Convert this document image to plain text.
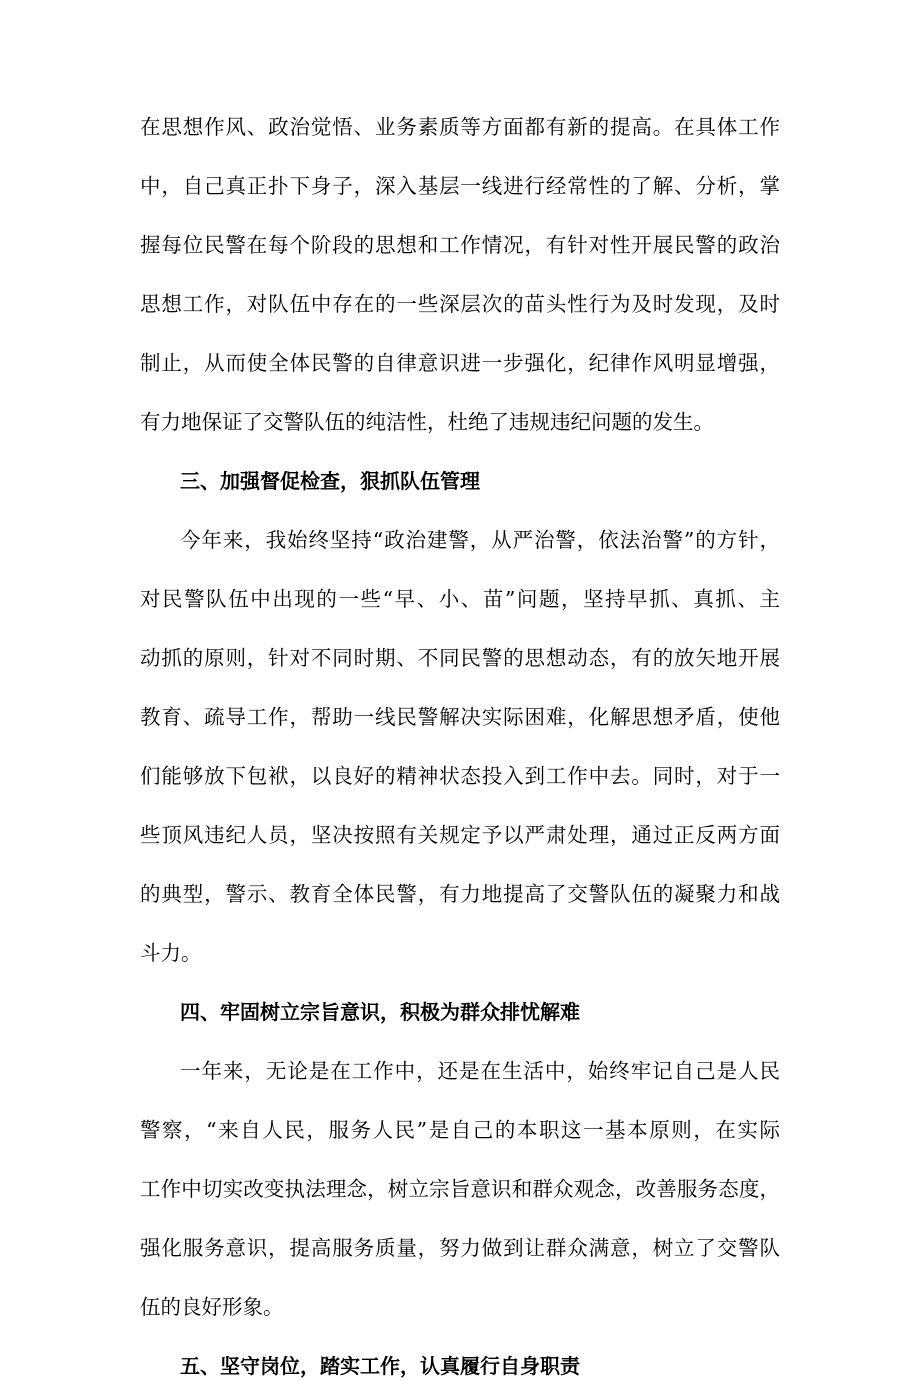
在思想作风、政治觉悟、业务素质等方面都有新的提高。在具体工作
中，自己真正扑下身子，深入基层一线进行经常性的了解、分析，掌
握每位民警在每个阶段的思想和工作情况，有针对性开展民警的政治
思想工作，对队伍中存在的一些深层次的苗头性行为及时发现，及时
制止，从而使全体民警的自律意识进一步强化，纪律作风明显增强，
有力地保证了交警队伍的纯洁性，杜绝了违规违纪问题的发生。
三、加强督促检查，狠抓队伍管理
今年来，我始终坚持“政治建警，从严治警，依法治警”的方针，
对民警队伍中出现的一些“早、小、苗”问题，坚持早抓、真抓、主
动抓的原则，针对不同时期、不同民警的思想动态，有的放矢地开展
教育、疏导工作，帮助一线民警解决实际困难，化解思想矛盾，使他
们能够放下包袱，以良好的精神状态投入到工作中去。同时，对于一
些顶风违纪人员，坚决按照有关规定予以严肃处理，通过正反两方面
的典型，警示、教育全体民警，有力地提高了交警队伍的凝聚力和战
斗力。
四、牢固树立宗旨意识，积极为群众排忧解难
一年来，无论是在工作中，还是在生活中，始终牢记自己是人民
警察，“来自人民，服务人民”是自己的本职这一基本原则，在实际
工作中切实改变执法理念，树立宗旨意识和群众观念，改善服务态度，
强化服务意识，提高服务质量，努力做到让群众满意，树立了交警队
伍的良好形象。
五、坚守岗位，踏实工作，认真履行自身职责
